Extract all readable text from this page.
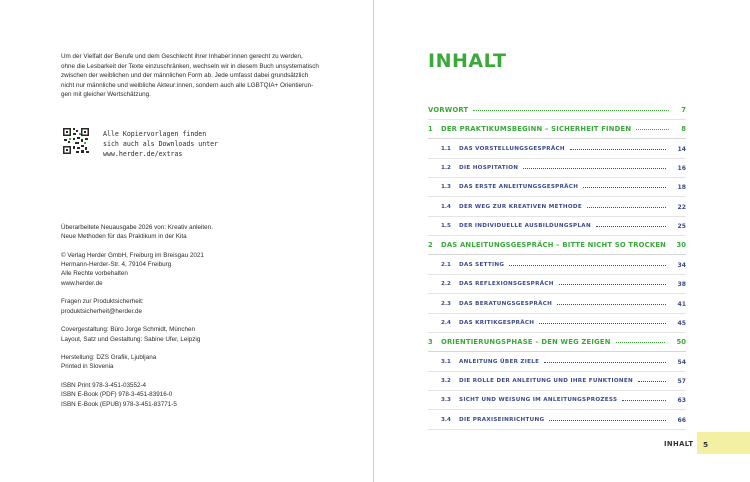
Um der Vielfalt der Berufe und dem Geschlecht ihrer Inhaber:innen gerecht zu werden,
ohne die Lesbarkeit der Texte einzuschränken, wechseln wir in diesem Buch unsystematisch
zwischen der weiblichen und der männlichen Form ab. Jede umfasst dabei grundsätzlich
nicht nur männliche und weibliche Akteur:innen, sondern auch alle LGBTQIA+ Orientierun-
gen mit gleicher Wertschätzung.
Alle Kopiervorlagen finden
sich auch als Downloads unter
www.herder.de/extras
Überarbeitete Neuausgabe 2026 von: Kreativ anleiten.
Neue Methoden für das Praktikum in der Kita
© Verlag Herder GmbH, Freiburg im Breisgau 2021
Hermann-Herder-Str. 4, 79104 Freiburg
Alle Rechte vorbehalten
www.herder.de
Fragen zur Produktsicherheit:
produktsicherheit@herder.de
Covergestaltung: Büro Jorge Schmidt, München
Layout, Satz und Gestaltung: Sabine Ufer, Leipzig
Herstellung: DZS Grafik, Ljubljana
Printed in Slovenia
ISBN Print 978-3-451-03552-4
ISBN E-Book (PDF) 978-3-451-83916-0
ISBN E-Book (EPUB) 978-3-451-83771-5
INHALT
VORWORT	7
1 DER PRAKTIKUMSBEGINN – SICHERHEIT FINDEN	8
1.1 DAS VORSTELLUNGSGESPRÄCH	14
1.2 DIE HOSPITATION	16
1.3 DAS ERSTE ANLEITUNGSGESPRÄCH	18
1.4 DER WEG ZUR KREATIVEN METHODE	22
1.5 DER INDIVIDUELLE AUSBILDUNGSPLAN	25
2 DAS ANLEITUNGSGESPRÄCH – BITTE NICHT SO TROCKEN 30
2.1 DAS SETTING	34
2.2 DAS REFLEXIONSGESPRÄCH	38
2.3 DAS BERATUNGSGESPRÄCH	41
2.4 DAS KRITIKGESPRÄCH	45
3 ORIENTIERUNGSPHASE – DEN WEG ZEIGEN	50
3.1 ANLEITUNG ÜBER ZIELE	54
3.2 DIE ROLLE DER ANLEITUNG UND IHRE FUNKTIONEN	57
3.3 SICHT UND WEISUNG IM ANLEITUNGSPROZESS	63
3.4 DIE PRAXISEINRICHTUNG	66
INHALT 5
